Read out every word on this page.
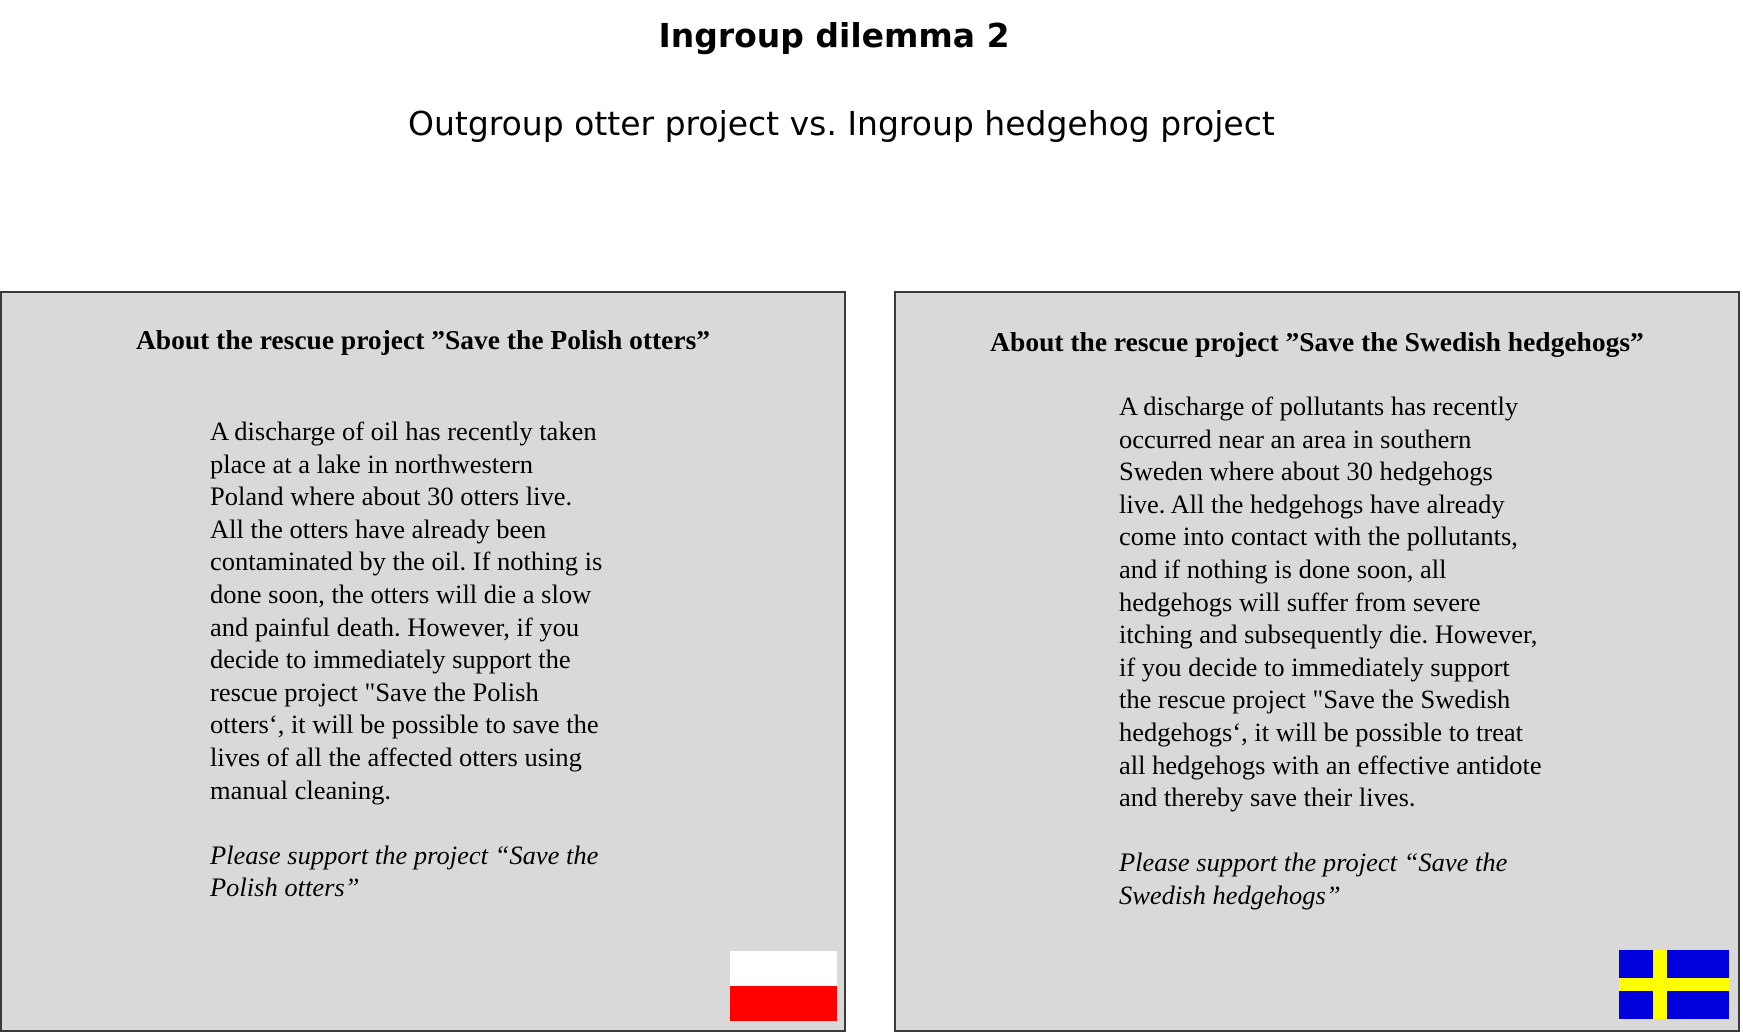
Ingroup dilemma 2
Outgroup otter project vs. Ingroup hedgehog project
About the rescue project ”Save the Polish otters”

A discharge of oil has recently taken
place at a lake in northwestern
Poland where about 30 otters live.
All the otters have already been
contaminated by the oil. If nothing is
done soon, the otters will die a slow
and painful death. However, if you
decide to immediately support the
rescue project "Save the Polish
otters‘, it will be possible to save the
lives of all the affected otters using
manual cleaning.

Please support the project “Save the
Polish otters”

About the rescue project ”Save the Swedish hedgehogs”

A discharge of pollutants has recently
occurred near an area in southern
Sweden where about 30 hedgehogs
live. All the hedgehogs have already
come into contact with the pollutants,
and if nothing is done soon, all
hedgehogs will suffer from severe
itching and subsequently die. However,
if you decide to immediately support
the rescue project "Save the Swedish
hedgehogs‘, it will be possible to treat
all hedgehogs with an effective antidote
and thereby save their lives.

Please support the project “Save the
Swedish hedgehogs”
